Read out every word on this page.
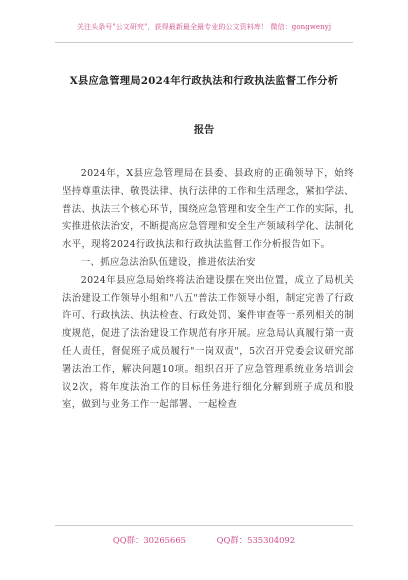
关注头条号"公文研究"，获得最新最全最专业的公文资料库！ 微信：gongwenyj
X县应急管理局2024年行政执法和行政执法监督工作分析
报告

2024年，X县应急管理局在县委、县政府的正确领导下，始终坚持尊重法律、敬畏法律、执行法律的工作和生活理念，紧扣学法、普法、执法三个核心环节，围绕应急管理和安全生产工作的实际，扎实推进依法治安，不断提高应急管理和安全生产领域科学化、法制化水平，现将2024行政执法和行政执法监督工作分析报告如下。

一、抓应急法治队伍建设，推进依法治安

2024年县应急局始终将法治建设摆在突出位置，成立了局机关法治建设工作领导小组和"八五"普法工作领导小组，制定完善了行政许可、行政执法、执法检查、行政处罚、案件审查等一系列相关的制度规范，促进了法治建设工作规范有序开展。应急局认真履行第一责任人责任，督促班子成员履行"一岗双责"，5次召开党委会议研究部署法治工作，解决问题10项。组织召开了应急管理系统业务培训会议2次，将年度法治工作的目标任务进行细化分解到班子成员和股室，做到与业务工作一起部署、一起检查

QQ群：30265665	QQ群：535304092
